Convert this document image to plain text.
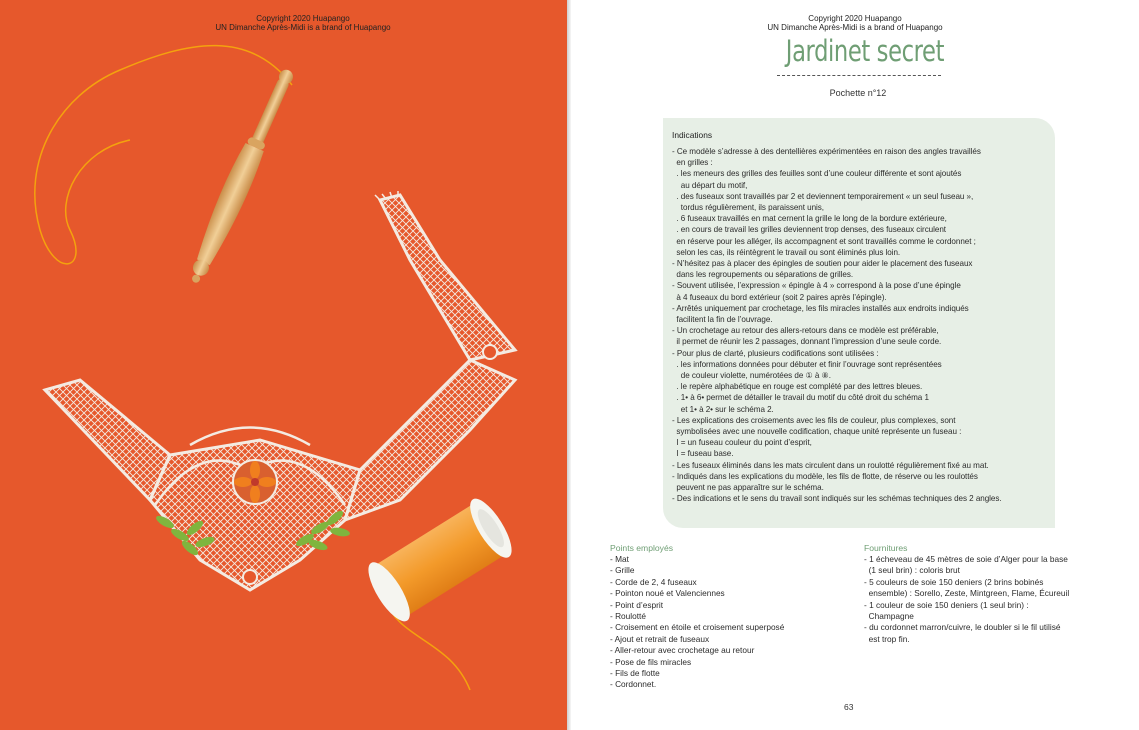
Copyright 2020 Huapango
UN Dimanche Après-Midi is a brand of Huapango
Copyright 2020 Huapango
UN Dimanche Après-Midi is a brand of Huapango
Jardinet secret
Pochette n°12
Indications
- Ce modèle s’adresse à des dentellières expérimentées en raison des angles travaillés
en grilles :
. les meneurs des grilles des feuilles sont d’une couleur différente et sont ajoutés
au départ du motif,
. des fuseaux sont travaillés par 2 et deviennent temporairement « un seul fuseau »,
tordus régulièrement, ils paraissent unis,
. 6 fuseaux travaillés en mat cernent la grille le long de la bordure extérieure,
. en cours de travail les grilles deviennent trop denses, des fuseaux circulent
en réserve pour les alléger, ils accompagnent et sont travaillés comme le cordonnet ;
selon les cas, ils réintègrent le travail ou sont éliminés plus loin.
- N’hésitez pas à placer des épingles de soutien pour aider le placement des fuseaux
dans les regroupements ou séparations de grilles.
- Souvent utilisée, l’expression « épingle à 4 » correspond à la pose d’une épingle
à 4 fuseaux du bord extérieur (soit 2 paires après l’épingle).
- Arrêtés uniquement par crochetage, les fils miracles installés aux endroits indiqués
facilitent la fin de l’ouvrage.
- Un crochetage au retour des allers-retours dans ce modèle est préférable,
il permet de réunir les 2 passages, donnant l’impression d’une seule corde.
- Pour plus de clarté, plusieurs codifications sont utilisées :
. les informations données pour débuter et finir l’ouvrage sont représentées
de couleur violette, numérotées de ① à ⑧.
. le repère alphabétique en rouge est complété par des lettres bleues.
. 1• à 6• permet de détailler le travail du motif du côté droit du schéma 1
et 1• à 2• sur le schéma 2.
- Les explications des croisements avec les fils de couleur, plus complexes, sont
symbolisées avec une nouvelle codification, chaque unité représente un fuseau :
I = un fuseau couleur du point d’esprit,
I = fuseau base.
- Les fuseaux éliminés dans les mats circulent dans un roulotté régulièrement fixé au mat.
- Indiqués dans les explications du modèle, les fils de flotte, de réserve ou les roulottés
peuvent ne pas apparaître sur le schéma.
- Des indications et le sens du travail sont indiqués sur les schémas techniques des 2 angles.
Points employés
- Mat
- Grille
- Corde de 2, 4 fuseaux
- Pointon noué et Valenciennes
- Point d’esprit
- Roulotté
- Croisement en étoile et croisement superposé
- Ajout et retrait de fuseaux
- Aller-retour avec crochetage au retour
- Pose de fils miracles
- Fils de flotte
- Cordonnet.
Fournitures
- 1 écheveau de 45 mètres de soie d’Alger pour la base
(1 seul brin) : coloris brut
- 5 couleurs de soie 150 deniers (2 brins bobinés
ensemble) : Sorello, Zeste, Mintgreen, Flame, Écureuil
- 1 couleur de soie 150 deniers (1 seul brin) :
Champagne
- du cordonnet marron/cuivre, le doubler si le fil utilisé
est trop fin.
63
